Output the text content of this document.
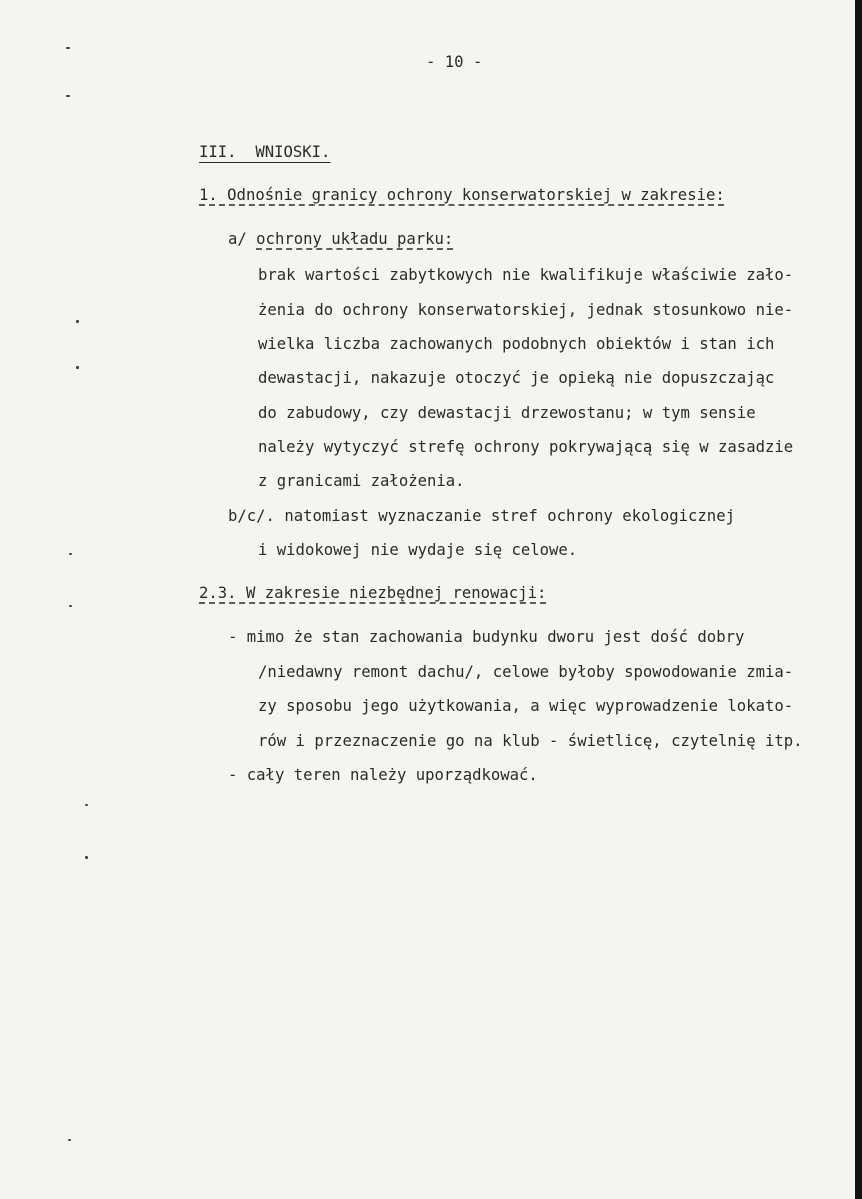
- 10 -
III.  WNIOSKI.
1. Odnośnie granicy ochrony konserwatorskiej w zakresie:
a/ ochrony układu parku:
brak wartości zabytkowych nie kwalifikuje właściwie zało-
żenia do ochrony konserwatorskiej, jednak stosunkowo nie-
wielka liczba zachowanych podobnych obiektów i stan ich
dewastacji, nakazuje otoczyć je opieką nie dopuszczając
do zabudowy, czy dewastacji drzewostanu; w tym sensie
należy wytyczyć strefę ochrony pokrywającą się w zasadzie
z granicami założenia.
b/c/. natomiast wyznaczanie stref ochrony ekologicznej
i widokowej nie wydaje się celowe.
2.3. W zakresie niezbędnej renowacji:
- mimo że stan zachowania budynku dworu jest dość dobry
/niedawny remont dachu/, celowe byłoby spowodowanie zmia-
zy sposobu jego użytkowania, a więc wyprowadzenie lokato-
rów i przeznaczenie go na klub - świetlicę, czytelnię itp.
- cały teren należy uporządkować.
